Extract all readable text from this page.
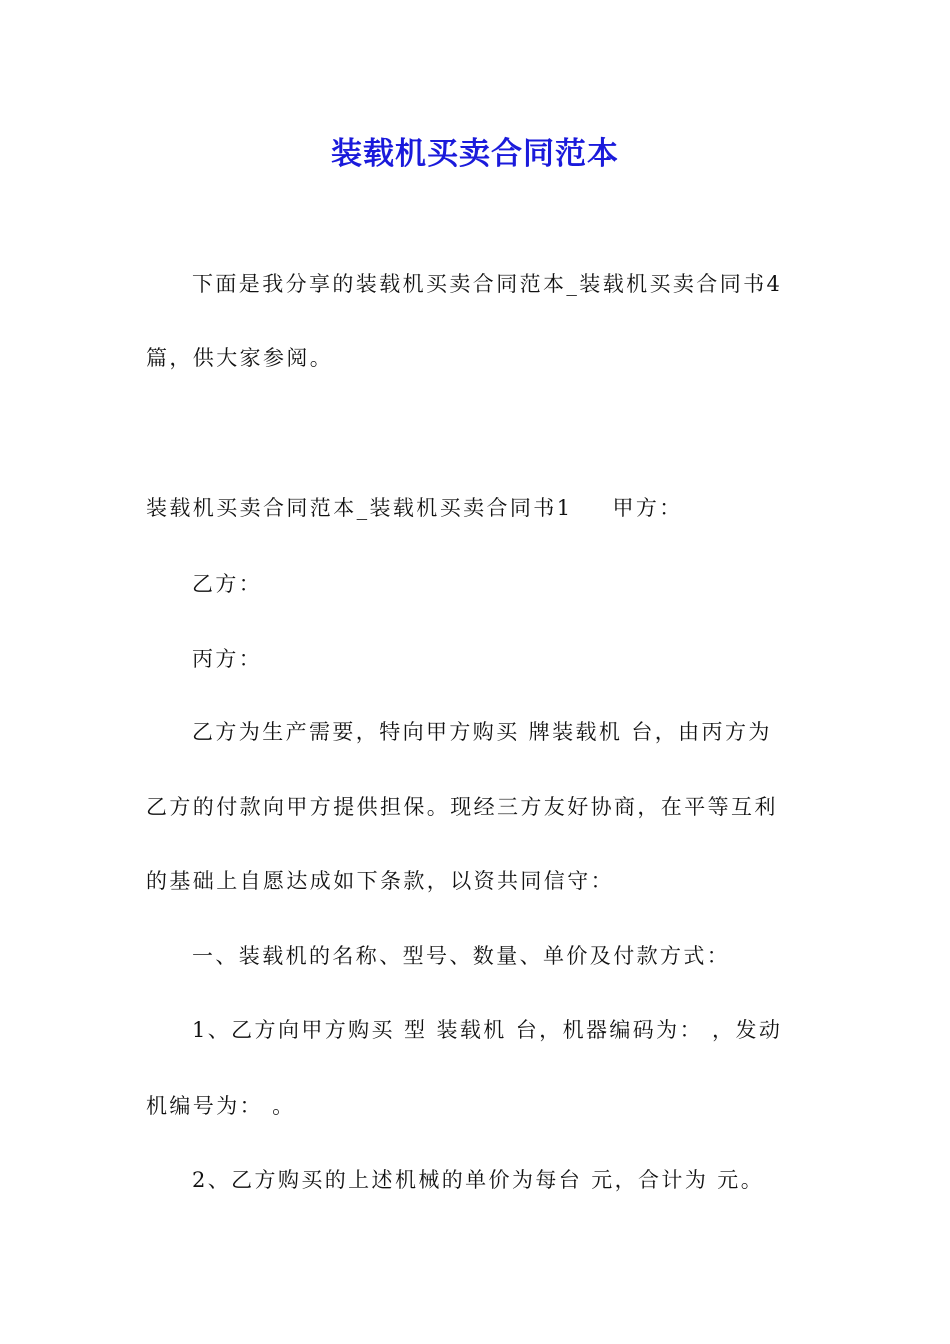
装载机买卖合同范本
下面是我分享的装载机买卖合同范本_装载机买卖合同书4
篇，供大家参阅。
装载机买卖合同范本_装载机买卖合同书1 甲方：
乙方：
丙方：
乙方为生产需要，特向甲方购买 牌装载机 台，由丙方为
乙方的付款向甲方提供担保。现经三方友好协商，在平等互利
的基础上自愿达成如下条款，以资共同信守：
一、装载机的名称、型号、数量、单价及付款方式：
1、乙方向甲方购买 型 装载机 台，机器编码为： ，发动
机编号为： 。
2、乙方购买的上述机械的单价为每台 元，合计为 元。
